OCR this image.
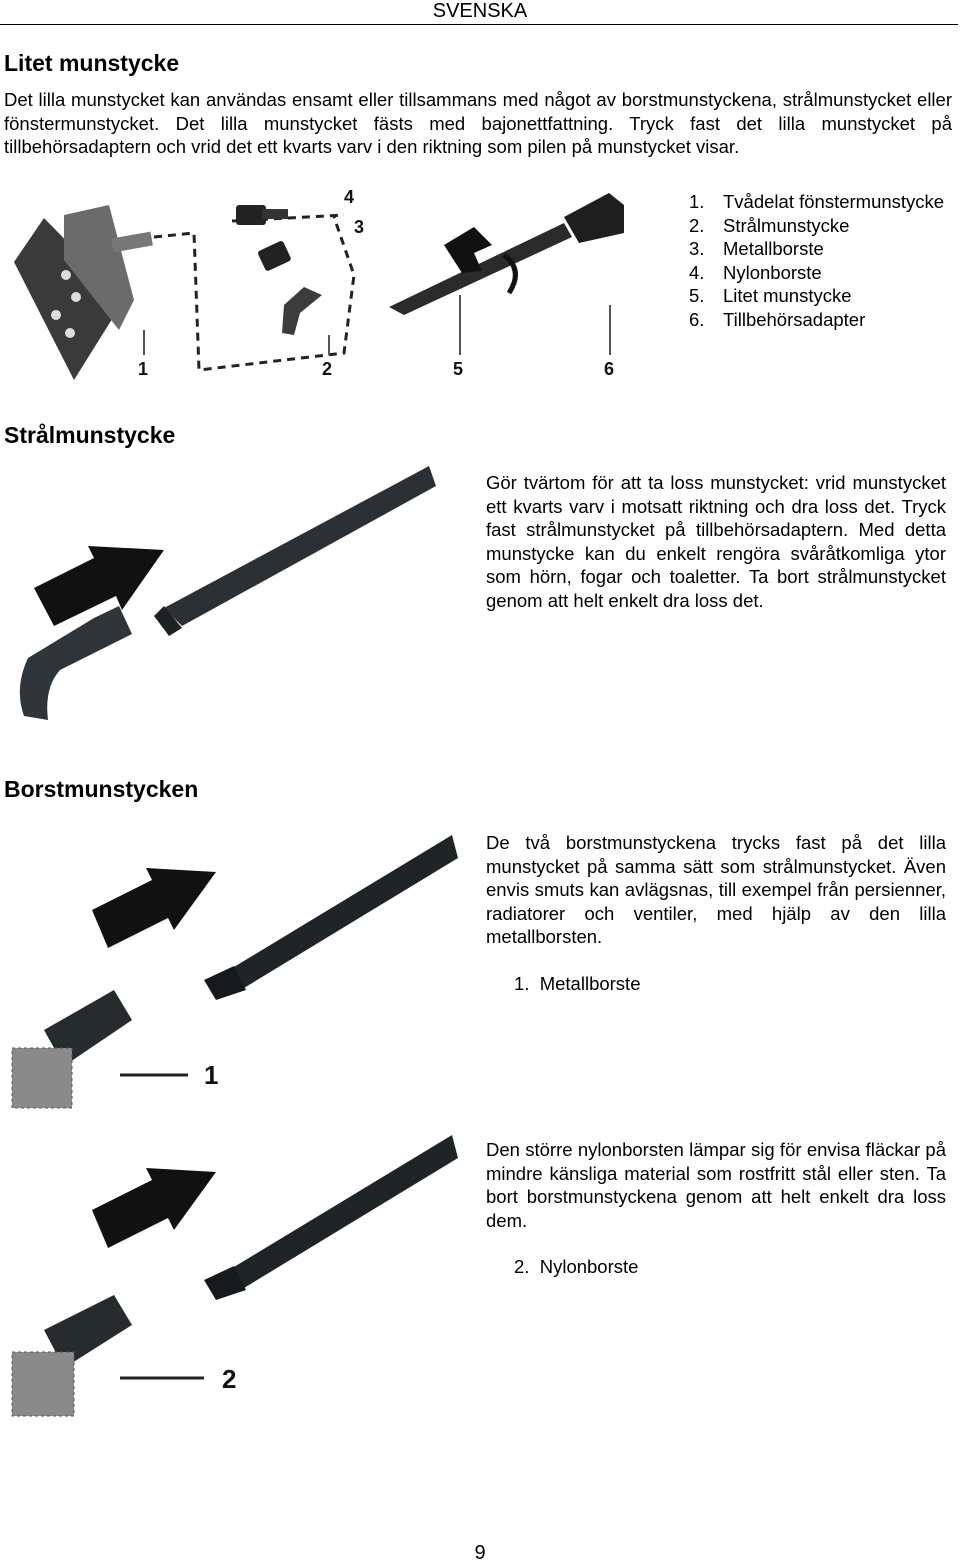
SVENSKA
Litet munstycke
Det lilla munstycket kan användas ensamt eller tillsammans med något av borstmunstyckena, strålmunstycket eller fönstermunstycket. Det lilla munstycket fästs med bajonettfattning. Tryck fast det lilla munstycket på tillbehörsadaptern och vrid det ett kvarts varv i den riktning som pilen på munstycket visar.
1	2
3
4
5	6
1. Tvådelat fönstermunstycke
2. Strålmunstycke
3. Metallborste
4. Nylonborste
5. Litet munstycke
6. Tillbehörsadapter
Strålmunstycke
Gör tvärtom för att ta loss munstycket: vrid munstycket ett kvarts varv i motsatt riktning och dra loss det. Tryck fast strålmunstycket på tillbehörsadaptern. Med detta munstycke kan du enkelt rengöra svåråtkomliga ytor som hörn, fogar och toaletter. Ta bort strålmunstycket genom att helt enkelt dra loss det.
Borstmunstycken
1
De två borstmunstyckena trycks fast på det lilla munstycket på samma sätt som strålmunstycket. Även envis smuts kan avlägsnas, till exempel från persienner, radiatorer och ventiler, med hjälp av den lilla metallborsten.
1. Metallborste
2
Den större nylonborsten lämpar sig för envisa fläckar på mindre känsliga material som rostfritt stål eller sten. Ta bort borstmunstyckena genom att helt enkelt dra loss dem.
2. Nylonborste
9
